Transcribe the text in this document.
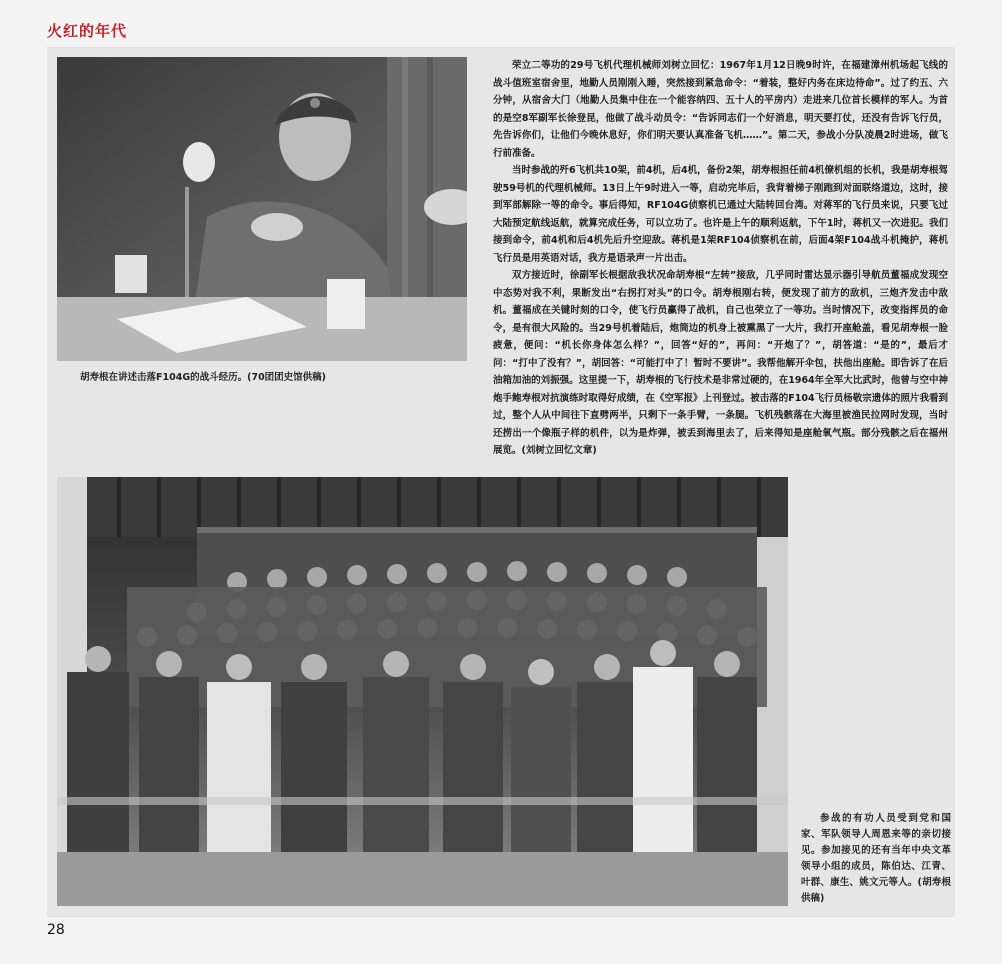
火红的年代
胡寿根在讲述击落F104G的战斗经历。(70团团史馆供稿)

荣立二等功的29号飞机代理机械师刘树立回忆：1967年1月12日晚9时许，在福建漳州机场起飞线的战斗值班室宿舍里，地勤人员刚刚入睡，突然接到紧急命令：“着装，整好内务在床边待命”。过了约五、六分钟，从宿舍大门（地勤人员集中住在一个能容纳四、五十人的平房内）走进来几位首长模样的军人。为首的是空8军副军长徐登昆，他做了战斗动员令：“告诉同志们一个好消息，明天要打仗，还没有告诉飞行员，先告诉你们，让他们今晚休息好，你们明天要认真准备飞机……”。第二天，参战小分队凌晨2时进场，做飞行前准备。

当时参战的歼6飞机共10架，前4机，后4机，备份2架，胡寿根担任前4机僚机组的长机，我是胡寿根驾驶59号机的代理机械师。13日上午9时进入一等，启动完毕后，我背着梯子刚跑到对面联络道边，这时，接到军部解除一等的命令。事后得知，RF104G侦察机已通过大陆转回台湾。对蒋军的飞行员来说，只要飞过大陆预定航线返航，就算完成任务，可以立功了。也许是上午的顺利返航，下午1时，蒋机又一次进犯。我们接到命令，前4机和后4机先后升空迎敌。蒋机是1架RF104侦察机在前，后面4架F104战斗机掩护，蒋机飞行员是用英语对话，我方是语录声一片出击。

双方接近时，徐副军长根据敌我状况命胡寿根“左转”接敌，几乎同时雷达显示器引导航员董福成发现空中态势对我不利，果断发出“右拐打对头”的口令。胡寿根刚右转，便发现了前方的敌机，三炮齐发击中敌机。董福成在关键时刻的口令，使飞行员赢得了战机，自己也荣立了一等功。当时情况下，改变指挥员的命令，是有很大风险的。当29号机着陆后，炮筒边的机身上被熏黑了一大片，我打开座舱盖，看见胡寿根一脸疲惫，便问：“机长你身体怎么样？”，回答“好的”，再问：“开炮了？”，胡答道：“是的”，最后才问：“打中了没有？”，胡回答：“可能打中了！暂时不要讲”。我帮他解开伞包，扶他出座舱。即告诉了在后油箱加油的刘振强。这里提一下，胡寿根的飞行技术是非常过硬的，在1964年全军大比武时，他曾与空中神炮手鲍寿根对抗演练时取得好成绩，在《空军报》上刊登过。被击落的F104飞行员杨敬宗遗体的照片我看到过，整个人从中间往下直劈两半，只剩下一条手臂，一条腿。飞机残骸落在大海里被渔民拉网时发现，当时还捞出一个像瓶子样的机件，以为是炸弹，被丢到海里去了，后来得知是座舱氧气瓶。部分残骸之后在福州展览。(刘树立回忆文章)

参战的有功人员受到党和国家、军队领导人周恩来等的亲切接见。参加接见的还有当年中央文革领导小组的成员，陈伯达、江青、叶群、康生、姚文元等人。(胡寿根供稿)
28
